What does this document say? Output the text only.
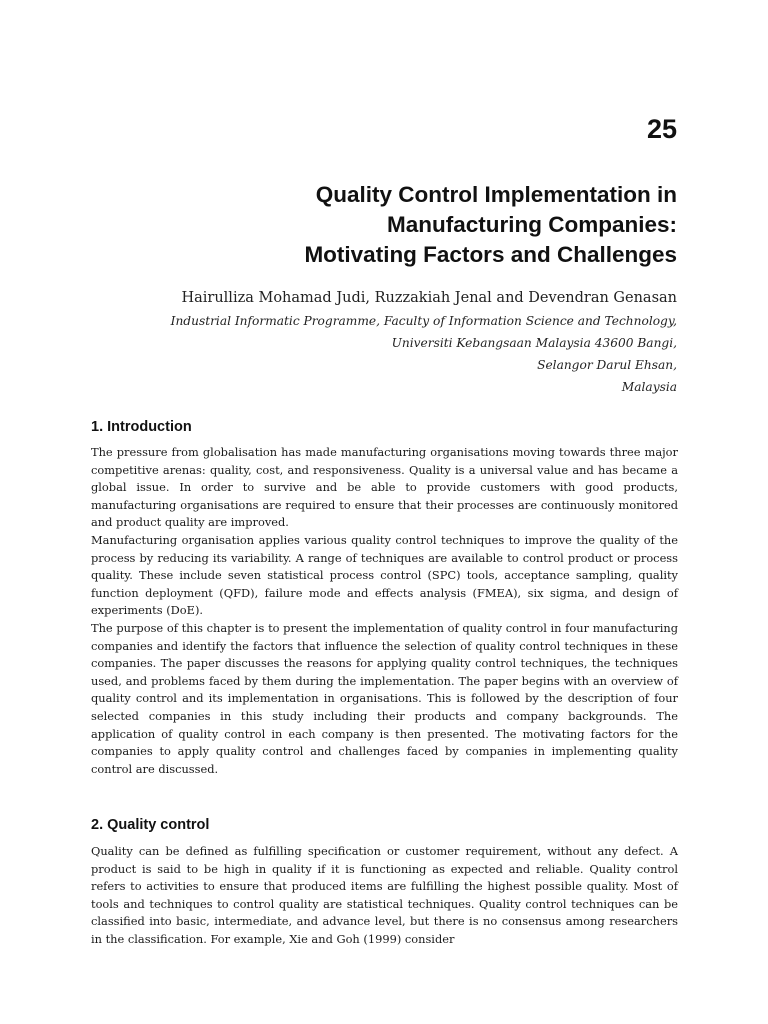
25
Quality Control Implementation in
Manufacturing Companies:
Motivating Factors and Challenges
Hairulliza Mohamad Judi, Ruzzakiah Jenal and Devendran Genasan
Industrial Informatic Programme, Faculty of Information Science and Technology,
Universiti Kebangsaan Malaysia 43600 Bangi,
Selangor Darul Ehsan,
Malaysia
1. Introduction

The pressure from globalisation has made manufacturing organisations moving towards three major competitive arenas: quality, cost, and responsiveness. Quality is a universal value and has became a global issue. In order to survive and be able to provide customers with good products, manufacturing organisations are required to ensure that their processes are continuously monitored and product quality are improved.

Manufacturing organisation applies various quality control techniques to improve the quality of the process by reducing its variability. A range of techniques are available to control product or process quality. These include seven statistical process control (SPC) tools, acceptance sampling, quality function deployment (QFD), failure mode and effects analysis (FMEA), six sigma, and design of experiments (DoE).

The purpose of this chapter is to present the implementation of quality control in four manufacturing companies and identify the factors that influence the selection of quality control techniques in these companies. The paper discusses the reasons for applying quality control techniques, the techniques used, and problems faced by them during the implementation. The paper begins with an overview of quality control and its implementation in organisations. This is followed by the description of four selected companies in this study including their products and company backgrounds. The application of quality control in each company is then presented. The motivating factors for the companies to apply quality control and challenges faced by companies in implementing quality control are discussed.

2. Quality control

Quality can be defined as fulfilling specification or customer requirement, without any defect. A product is said to be high in quality if it is functioning as expected and reliable. Quality control refers to activities to ensure that produced items are fulfilling the highest possible quality. Most of tools and techniques to control quality are statistical techniques. Quality control techniques can be classified into basic, intermediate, and advance level, but there is no consensus among researchers in the classification. For example, Xie and Goh (1999) consider
